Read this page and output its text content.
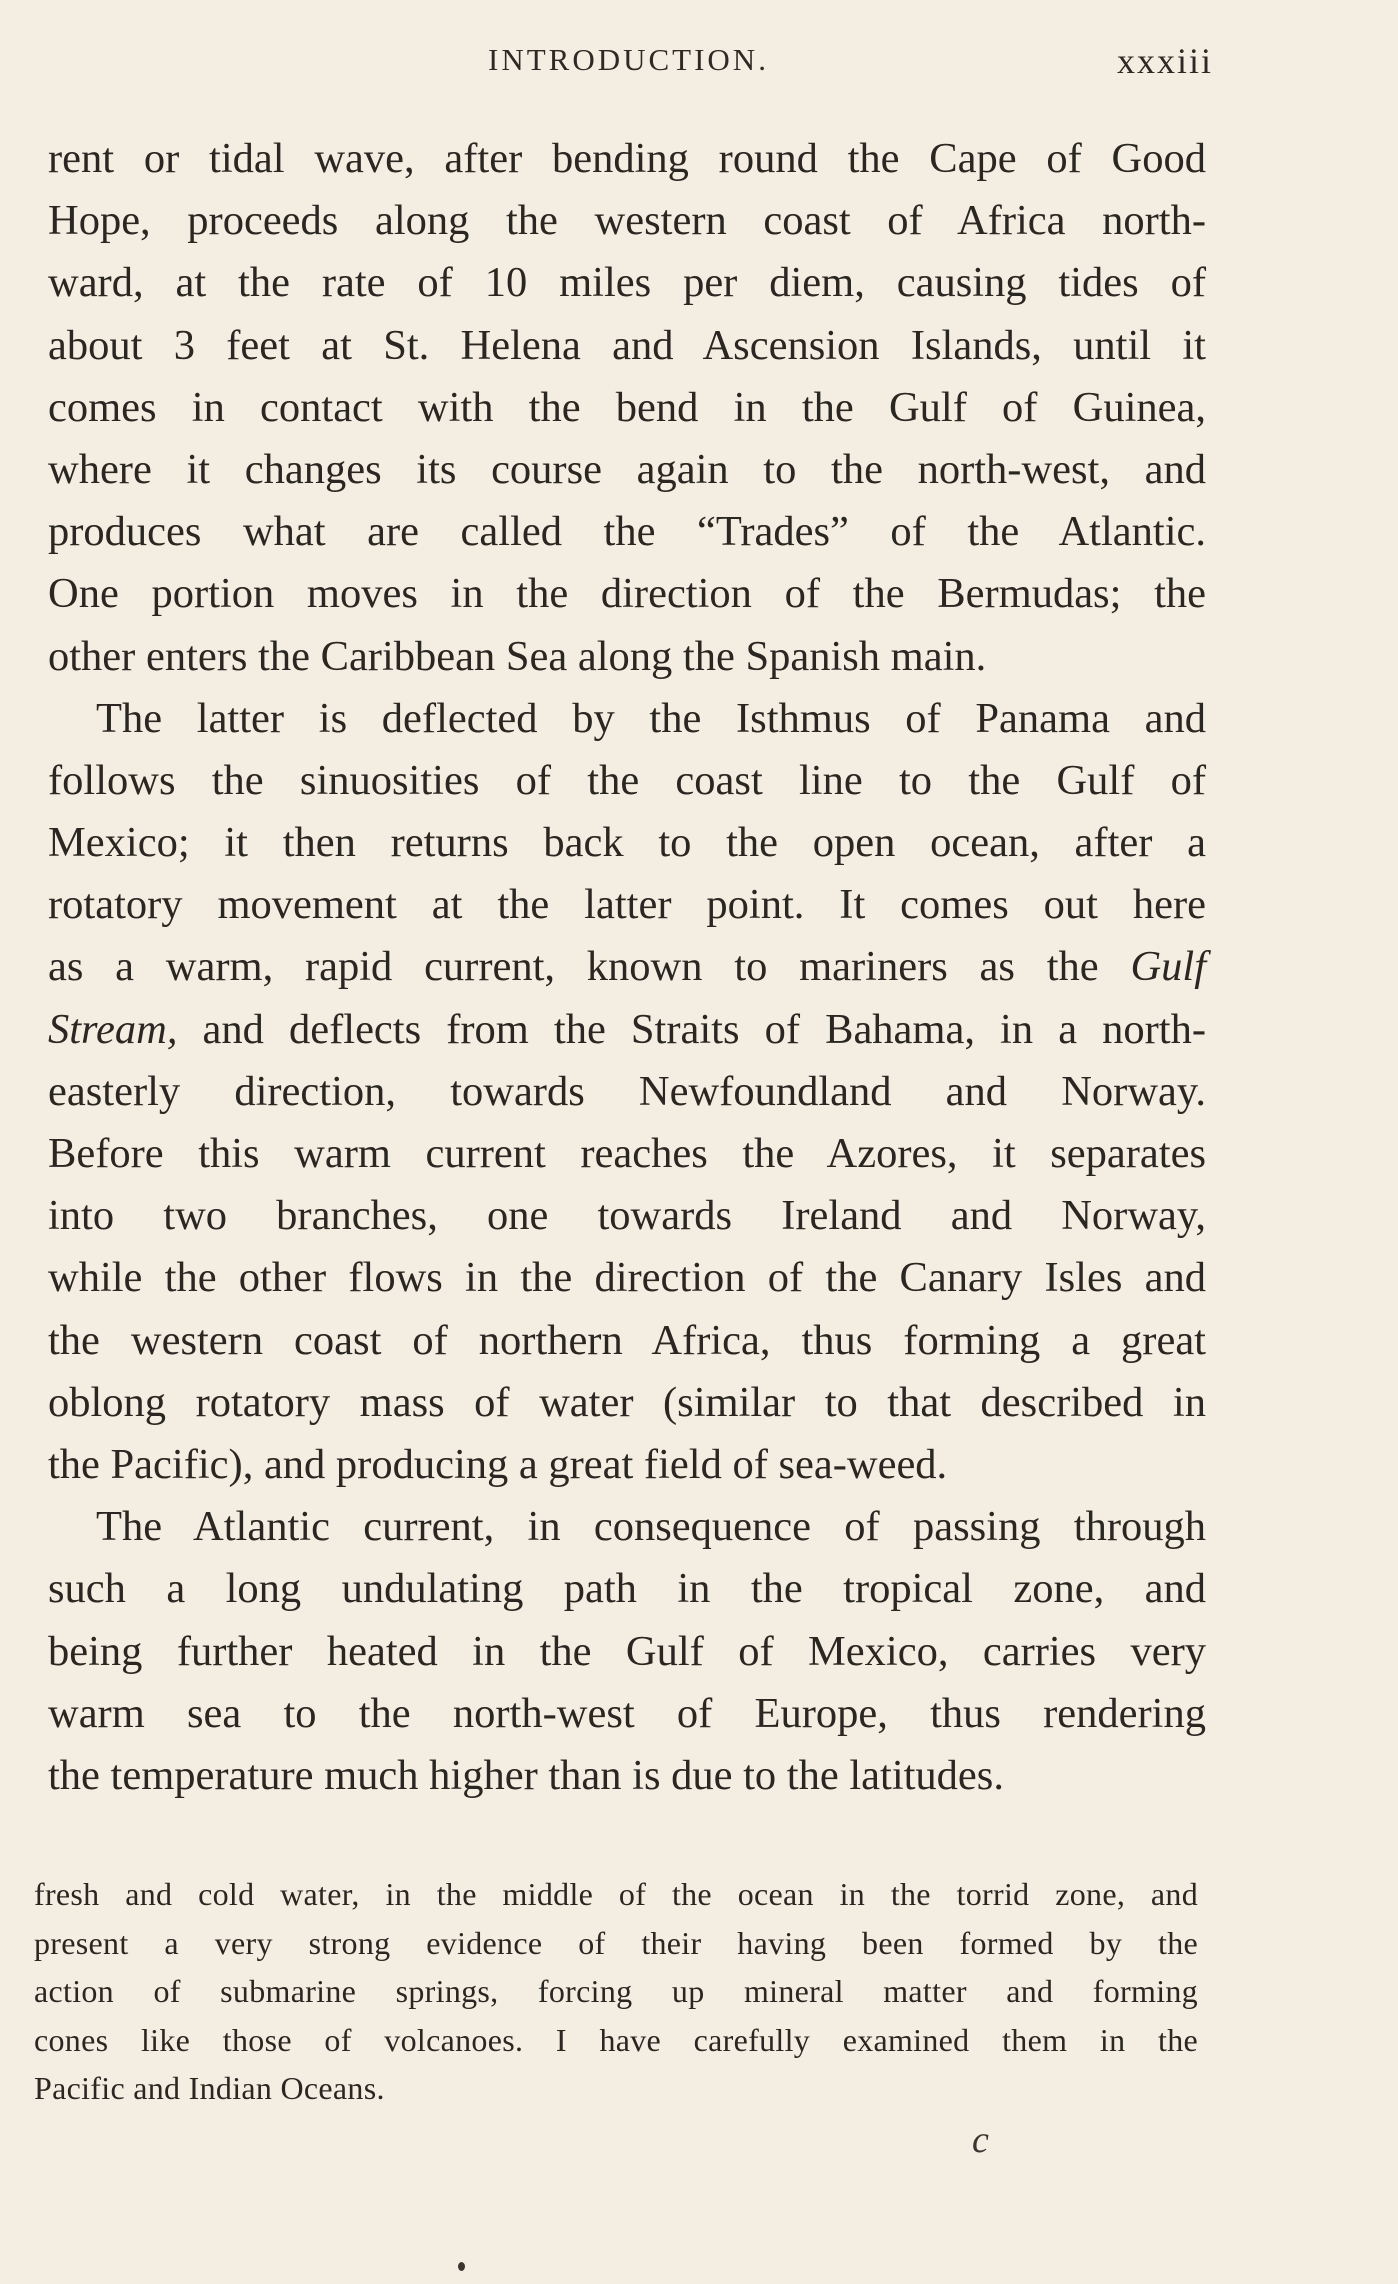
INTRODUCTION.	xxxiii
rent or tidal wave, after bending round the Cape of Good
Hope, proceeds along the western coast of Africa north-
ward, at the rate of 10 miles per diem, causing tides of
about 3 feet at St. Helena and Ascension Islands, until it
comes in contact with the bend in the Gulf of Guinea,
where it changes its course again to the north-west, and
produces what are called the “Trades” of the Atlantic.
One portion moves in the direction of the Bermudas; the
other enters the Caribbean Sea along the Spanish main.
The latter is deflected by the Isthmus of Panama and
follows the sinuosities of the coast line to the Gulf of
Mexico; it then returns back to the open ocean, after a
rotatory movement at the latter point. It comes out here
as a warm, rapid current, known to mariners as the Gulf
Stream, and deflects from the Straits of Bahama, in a north-
easterly direction, towards Newfoundland and Norway.
Before this warm current reaches the Azores, it separates
into two branches, one towards Ireland and Norway,
while the other flows in the direction of the Canary Isles and
the western coast of northern Africa, thus forming a great
oblong rotatory mass of water (similar to that described in
the Pacific), and producing a great field of sea-weed.
The Atlantic current, in consequence of passing through
such a long undulating path in the tropical zone, and
being further heated in the Gulf of Mexico, carries very
warm sea to the north-west of Europe, thus rendering
the temperature much higher than is due to the latitudes.
fresh and cold water, in the middle of the ocean in the torrid zone, and
present a very strong evidence of their having been formed by the
action of submarine springs, forcing up mineral matter and forming
cones like those of volcanoes. I have carefully examined them in the
Pacific and Indian Oceans.
c
